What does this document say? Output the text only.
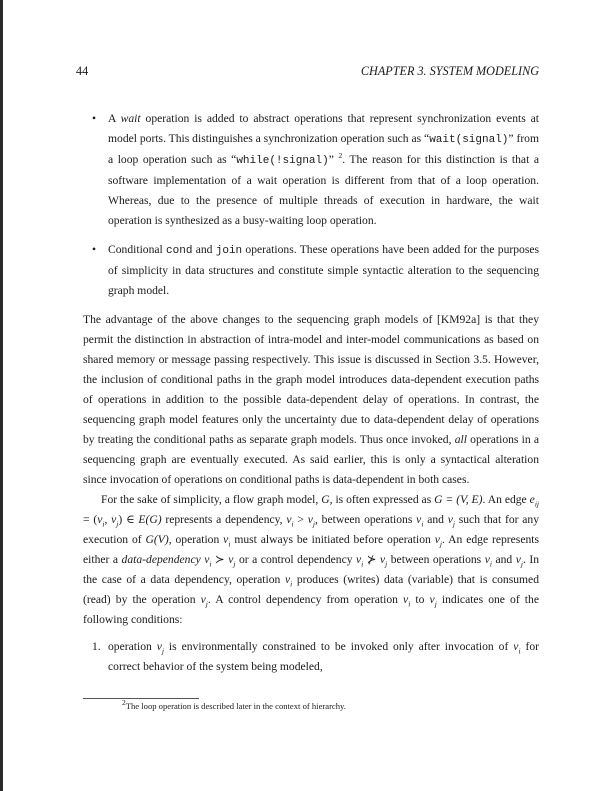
44	CHAPTER 3. SYSTEM MODELING
• A wait operation is added to abstract operations that represent synchronization events at model ports. This distinguishes a synchronization operation such as “wait(signal)” from a loop operation such as “while(!signal)” $^2$. The reason for this distinction is that a software implementation of a wait operation is different from that of a loop operation. Whereas, due to the presence of multiple threads of execution in hardware, the wait operation is synthesized as a busy-waiting loop operation.
• Conditional cond and join operations. These operations have been added for the purposes of simplicity in data structures and constitute simple syntactic alteration to the sequencing graph model.

The advantage of the above changes to the sequencing graph models of [KM92a] is that they permit the distinction in abstraction of intra-model and inter-model communications as based on shared memory or message passing respectively. This issue is discussed in Section 3.5. However, the inclusion of conditional paths in the graph model introduces data-dependent execution paths of operations in addition to the possible data-dependent delay of operations. In contrast, the sequencing graph model features only the uncertainty due to data-dependent delay of operations by treating the conditional paths as separate graph models. Thus once invoked, all operations in a sequencing graph are eventually executed. As said earlier, this is only a syntactical alteration since invocation of operations on conditional paths is data-dependent in both cases.

For the sake of simplicity, a flow graph model, G, is often expressed as G = (V, E). An edge $e_{ij} = (v_i$, $v_j$) ∈ E(G) represents a dependency, $v_i > v_j$, between operations $v_i$ and $v_j$ such that for any execution of G(V), operation $v_i$ must always be initiated before operation $v_j$. An edge represents either a data-dependency $v_i$ ≻ $v_j$ or a control dependency $v_i$ ⊁ $v_j$ between operations $v_i$ and $v_j$. In the case of a data dependency, operation $v_i$ produces (writes) data (variable) that is consumed (read) by the operation $v_j$. A control dependency from operation $v_i$ to $v_j$ indicates one of the following conditions:

1. operation $v_j$ is environmentally constrained to be invoked only after invocation of $v_i$ for correct behavior of the system being modeled,
$^2$The loop operation is described later in the context of hierarchy.
